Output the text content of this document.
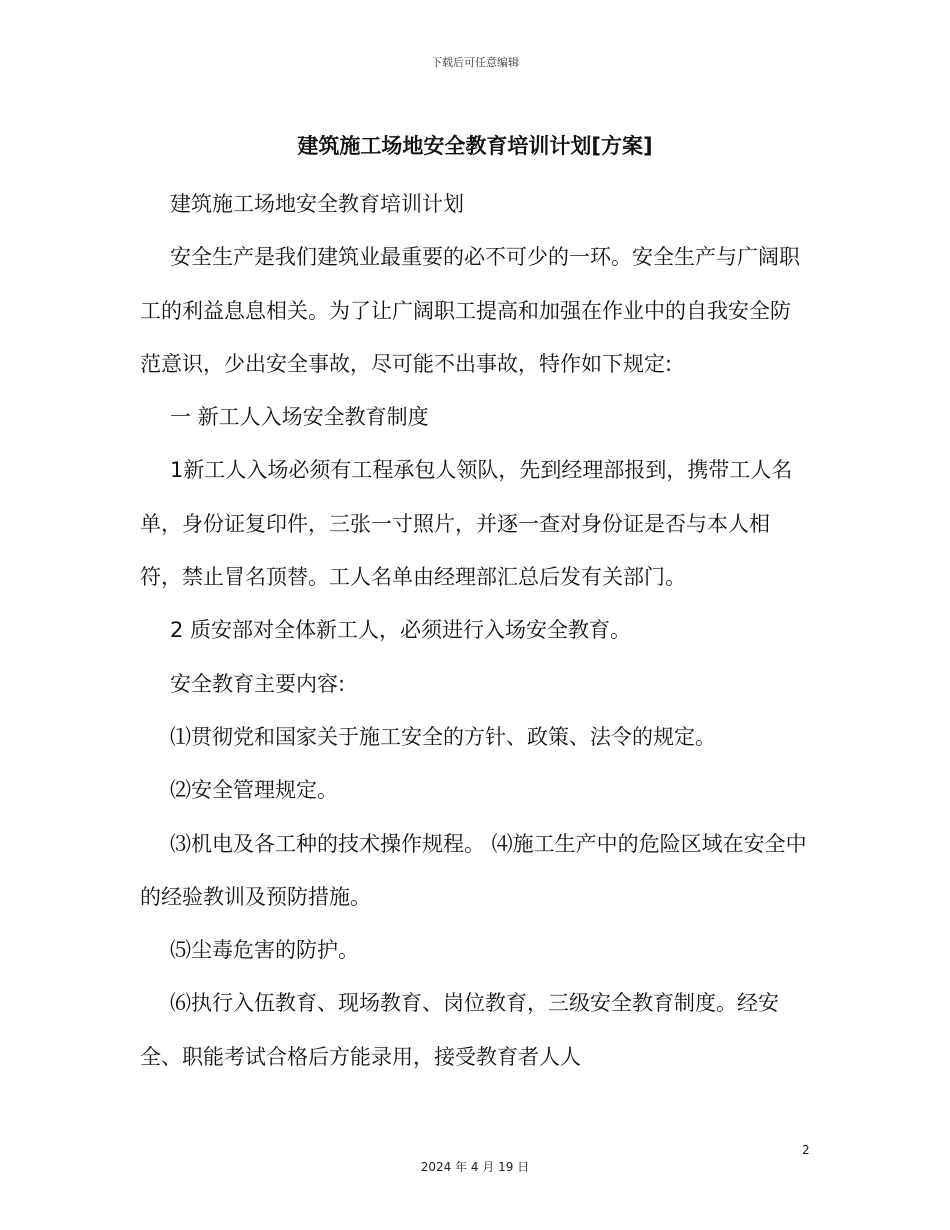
下载后可任意编辑
建筑施工场地安全教育培训计划[方案]

建筑施工场地安全教育培训计划

安全生产是我们建筑业最重要的必不可少的一环。安全生产与广阔职工的利益息息相关。为了让广阔职工提高和加强在作业中的自我安全防范意识，少出安全事故，尽可能不出事故，特作如下规定:

一 新工人入场安全教育制度

1新工人入场必须有工程承包人领队，先到经理部报到，携带工人名单，身份证复印件，三张一寸照片，并逐一查对身份证是否与本人相符，禁止冒名顶替。工人名单由经理部汇总后发有关部门。

2 质安部对全体新工人，必须进行入场安全教育。

安全教育主要内容:

⑴贯彻党和国家关于施工安全的方针、政策、法令的规定。

⑵安全管理规定。

⑶机电及各工种的技术操作规程。 ⑷施工生产中的危险区域在安全中的经验教训及预防措施。

⑸尘毒危害的防护。

⑹执行入伍教育、现场教育、岗位教育，三级安全教育制度。经安全、职能考试合格后方能录用，接受教育者人人

2
2024 年 4 月 19 日
